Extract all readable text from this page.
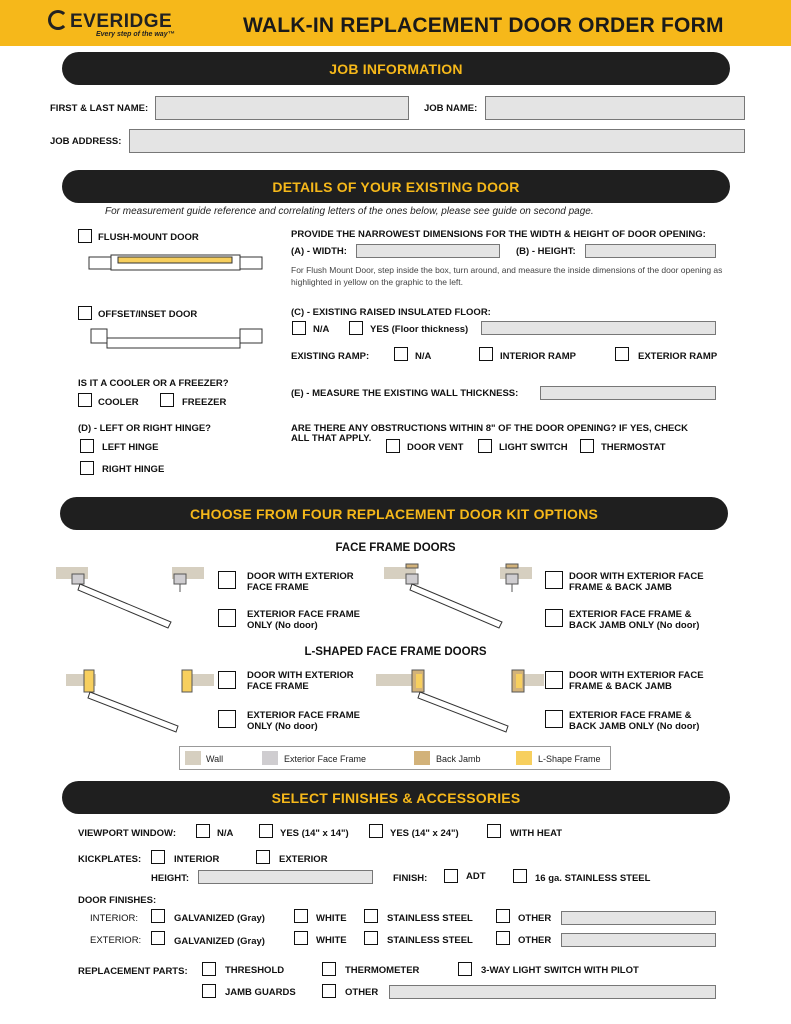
EVERIDGE
Every step of the way™	WALK-IN REPLACEMENT DOOR ORDER FORM
JOB INFORMATION
FIRST & LAST NAME:	JOB NAME:
JOB ADDRESS:
DETAILS OF YOUR EXISTING DOOR
For measurement guide reference and correlating letters of the ones below, please see guide on second page.
FLUSH-MOUNT DOOR
OFFSET/INSET DOOR
PROVIDE THE NARROWEST DIMENSIONS FOR THE WIDTH & HEIGHT OF DOOR OPENING:
(A) - WIDTH:	(B) - HEIGHT:
For Flush Mount Door, step inside the box, turn around, and measure the inside dimensions of the door opening as highlighted in yellow on the graphic to the left.
(C) - EXISTING RAISED INSULATED FLOOR:
N/A	YES (Floor thickness)
EXISTING RAMP:	N/A	INTERIOR RAMP	EXTERIOR RAMP
IS IT A COOLER OR A FREEZER?
COOLER	FREEZER
(E) - MEASURE THE EXISTING WALL THICKNESS:
(D) - LEFT OR RIGHT HINGE?
LEFT HINGE
RIGHT HINGE
ARE THERE ANY OBSTRUCTIONS WITHIN 8" OF THE DOOR OPENING? IF YES, CHECK
ALL THAT APPLY.
DOOR VENT	LIGHT SWITCH	THERMOSTAT
CHOOSE FROM FOUR REPLACEMENT DOOR KIT OPTIONS
FACE FRAME DOORS
DOOR WITH EXTERIOR
FACE FRAME
EXTERIOR FACE FRAME
ONLY (No door)
DOOR WITH EXTERIOR FACE
FRAME & BACK JAMB
EXTERIOR FACE FRAME &
BACK JAMB ONLY (No door)
L-SHAPED FACE FRAME DOORS
DOOR WITH EXTERIOR
FACE FRAME
EXTERIOR FACE FRAME
ONLY (No door)
DOOR WITH EXTERIOR FACE
FRAME & BACK JAMB
EXTERIOR FACE FRAME &
BACK JAMB ONLY (No door)
Wall	Exterior Face Frame	Back Jamb	L-Shape Frame
SELECT FINISHES & ACCESSORIES
VIEWPORT WINDOW:	N/A	YES (14" x 14")	YES (14" x 24")	WITH HEAT
KICKPLATES:	INTERIOR	EXTERIOR
HEIGHT:	FINISH:	ADT	16 ga. STAINLESS STEEL
DOOR FINISHES:
INTERIOR:	GALVANIZED (Gray)	WHITE	STAINLESS STEEL	OTHER
EXTERIOR:	GALVANIZED (Gray)	WHITE	STAINLESS STEEL	OTHER
REPLACEMENT PARTS:	THRESHOLD	THERMOMETER	3-WAY LIGHT SWITCH WITH PILOT
JAMB GUARDS	OTHER
